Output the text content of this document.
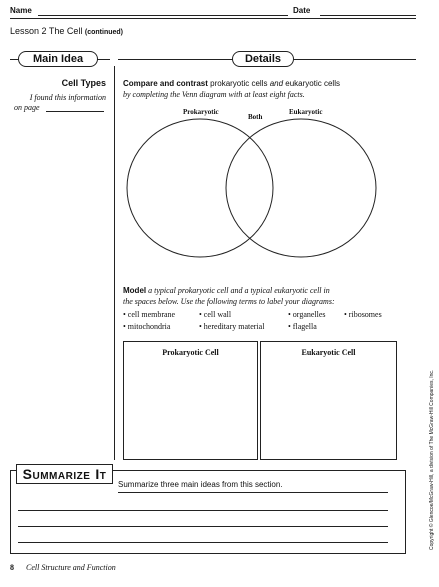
Name	Date
Lesson 2 The Cell (continued)
Main Idea	Details
Cell Types
I found this information
on page
Compare and contrast prokaryotic cells and eukaryotic cells
by completing the Venn diagram with at least eight facts.
Prokaryotic
Both
Eukaryotic
Model a typical prokaryotic cell and a typical eukaryotic cell in
the spaces below. Use the following terms to label your diagrams:
• cell membrane	• cell wall	• organelles • ribosomes
• mitochondria	• hereditary material	• flagella
Prokaryotic Cell	Eukaryotic Cell
SUMMARIZE IT
Summarize three main ideas from this section.
8 Cell Structure and Function
Copyright © Glencoe/McGraw-Hill, a division of The McGraw-Hill Companies, Inc.
